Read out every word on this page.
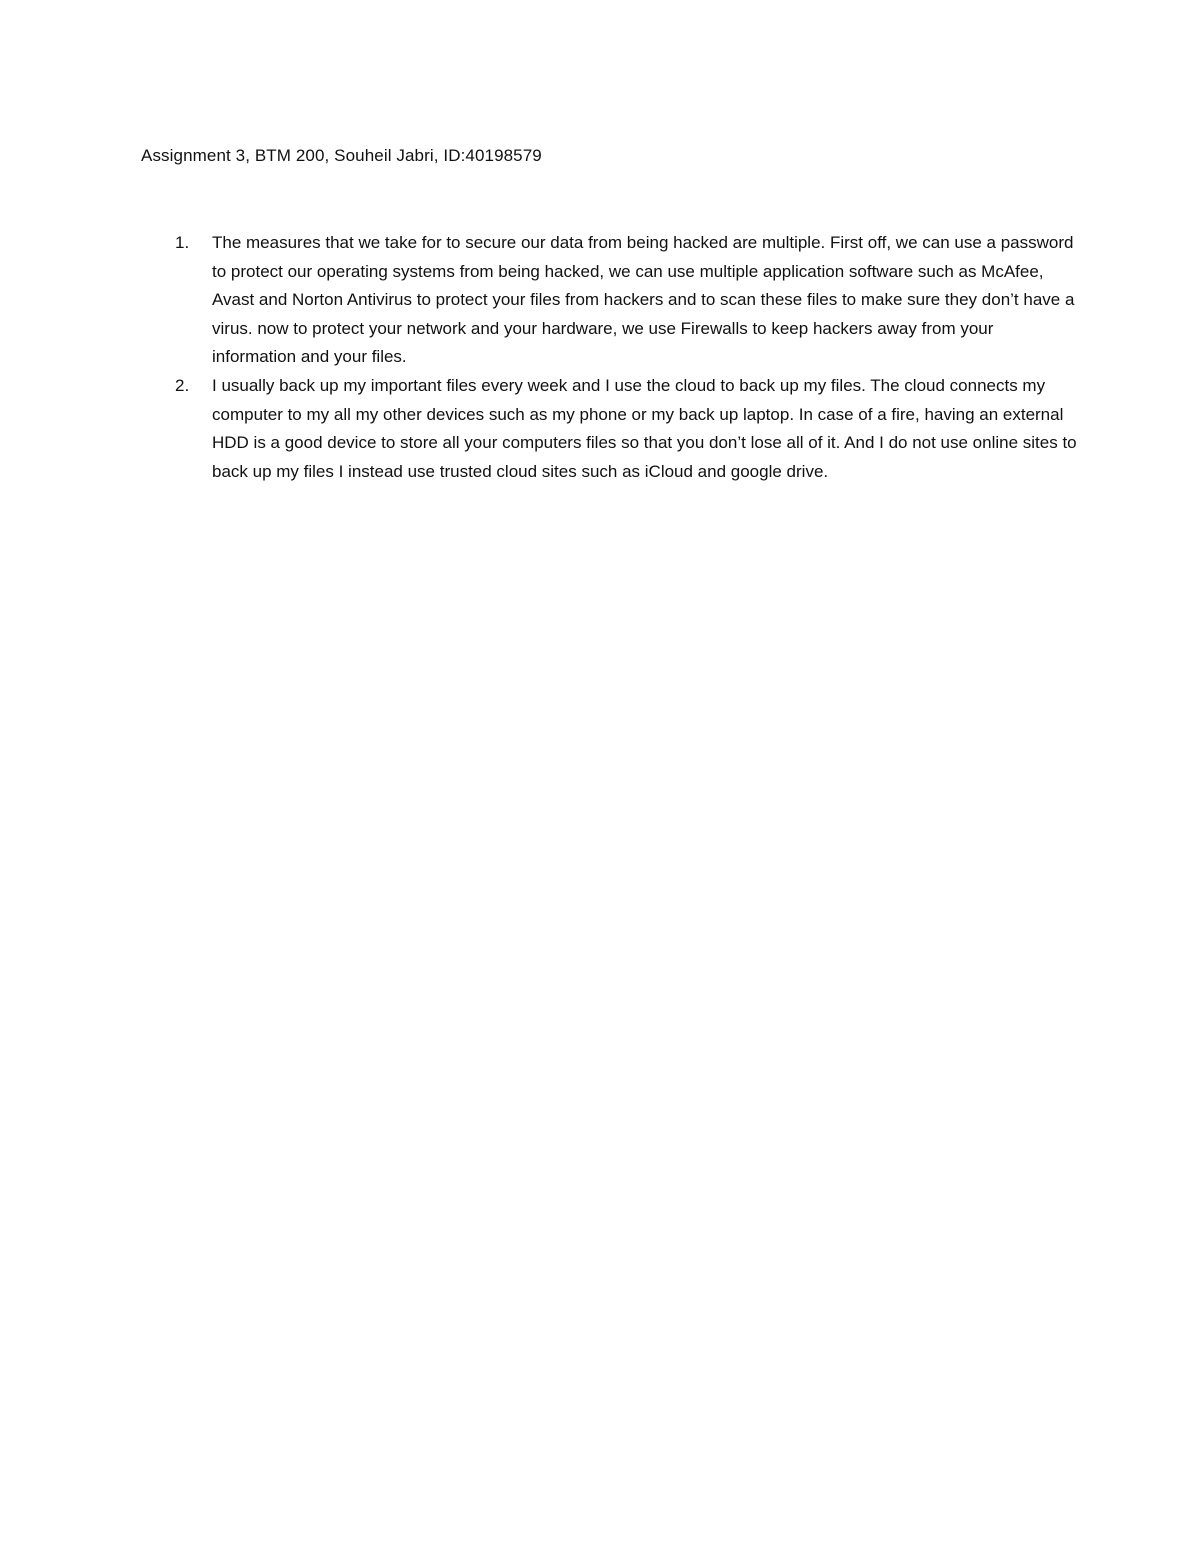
Assignment 3, BTM 200, Souheil Jabri, ID:40198579
1. The measures that we take for to secure our data from being hacked are multiple. First off, we can use a password to protect our operating systems from being hacked, we can use multiple application software such as McAfee, Avast and Norton Antivirus to protect your files from hackers and to scan these files to make sure they don’t have a virus. now to protect your network and your hardware, we use Firewalls to keep hackers away from your information and your files.
2. I usually back up my important files every week and I use the cloud to back up my files. The cloud connects my computer to my all my other devices such as my phone or my back up laptop. In case of a fire, having an external HDD is a good device to store all your computers files so that you don’t lose all of it. And I do not use online sites to back up my files I instead use trusted cloud sites such as iCloud and google drive.
